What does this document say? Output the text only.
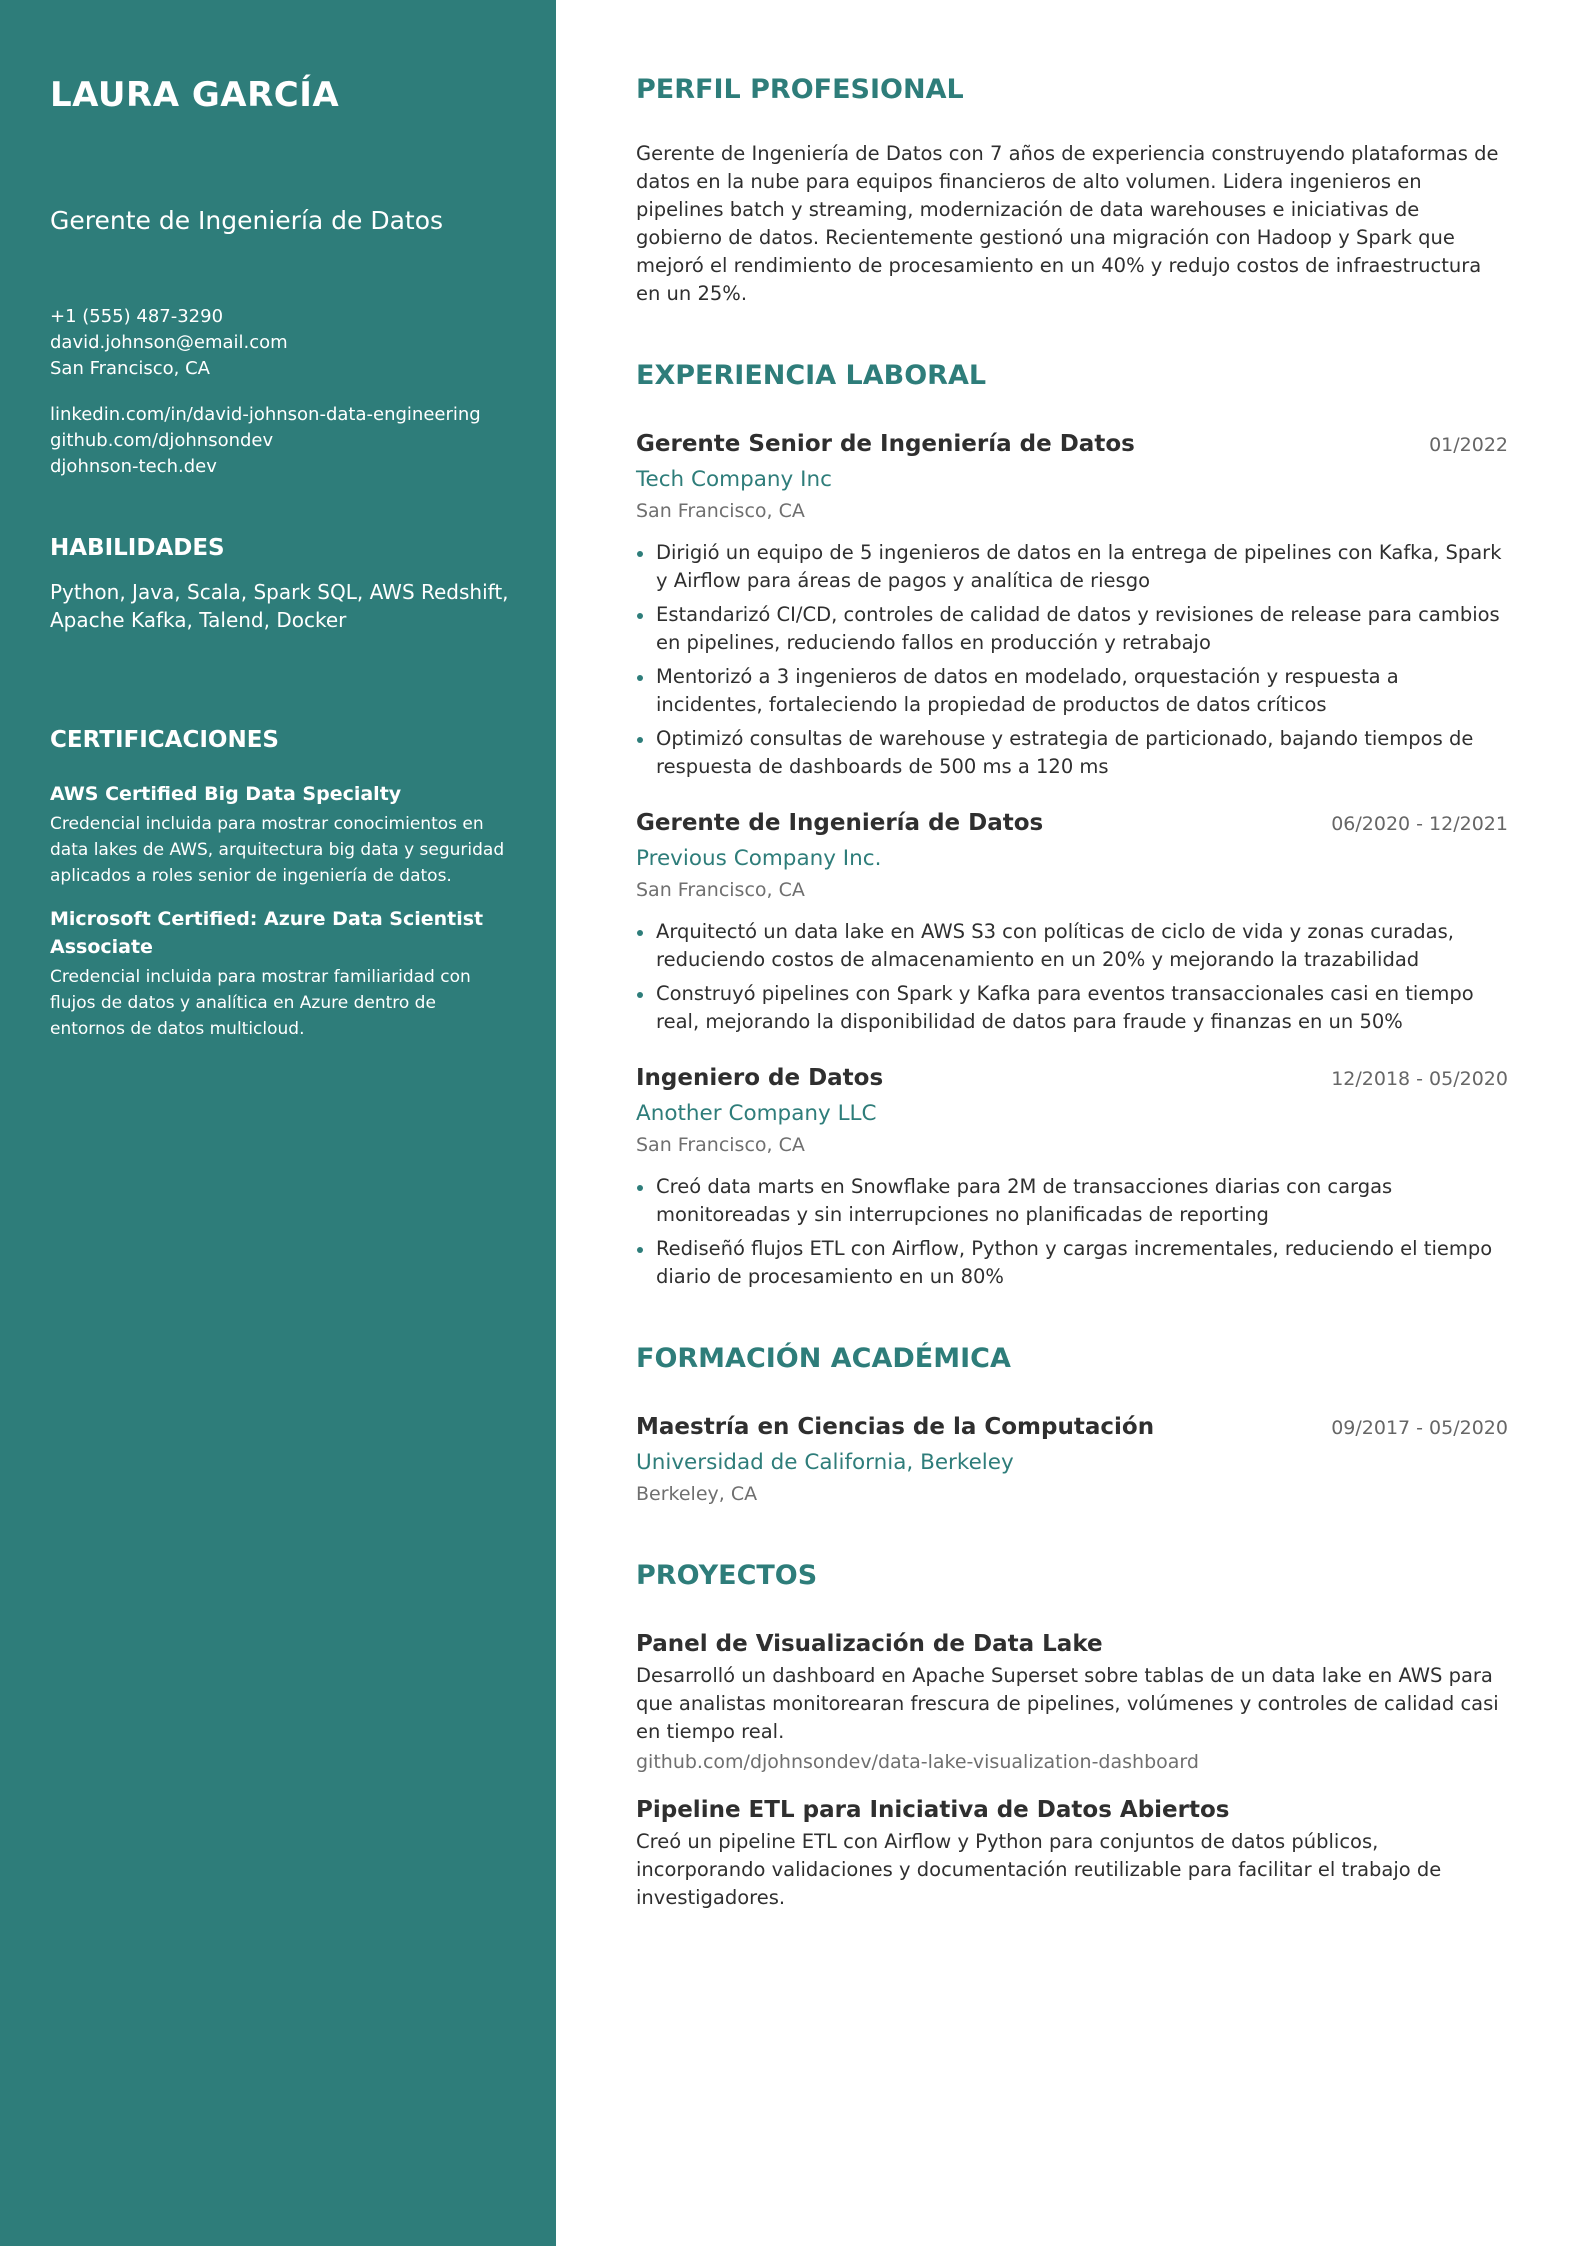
LAURA GARCÍA
Gerente de Ingeniería de Datos
+1 (555) 487-3290
david.johnson@email.com
San Francisco, CA
linkedin.com/in/david-johnson-data-engineering
github.com/djohnsondev
djohnson-tech.dev
HABILIDADES
Python, Java, Scala, Spark SQL, AWS Redshift, Apache Kafka, Talend, Docker
CERTIFICACIONES
AWS Certified Big Data Specialty
Credencial incluida para mostrar conocimientos en data lakes de AWS, arquitectura big data y seguridad aplicados a roles senior de ingeniería de datos.
Microsoft Certified: Azure Data Scientist Associate
Credencial incluida para mostrar familiaridad con flujos de datos y analítica en Azure dentro de entornos de datos multicloud.
PERFIL PROFESIONAL
Gerente de Ingeniería de Datos con 7 años de experiencia construyendo plataformas de datos en la nube para equipos financieros de alto volumen. Lidera ingenieros en pipelines batch y streaming, modernización de data warehouses e iniciativas de gobierno de datos. Recientemente gestionó una migración con Hadoop y Spark que mejoró el rendimiento de procesamiento en un 40% y redujo costos de infraestructura en un 25%.
EXPERIENCIA LABORAL
Gerente Senior de Ingeniería de Datos	01/2022
Tech Company Inc
San Francisco, CA
Dirigió un equipo de 5 ingenieros de datos en la entrega de pipelines con Kafka, Spark y Airflow para áreas de pagos y analítica de riesgo
Estandarizó CI/CD, controles de calidad de datos y revisiones de release para cambios en pipelines, reduciendo fallos en producción y retrabajo
Mentorizó a 3 ingenieros de datos en modelado, orquestación y respuesta a incidentes, fortaleciendo la propiedad de productos de datos críticos
Optimizó consultas de warehouse y estrategia de particionado, bajando tiempos de respuesta de dashboards de 500 ms a 120 ms
Gerente de Ingeniería de Datos	06/2020 - 12/2021
Previous Company Inc.
San Francisco, CA
Arquitectó un data lake en AWS S3 con políticas de ciclo de vida y zonas curadas, reduciendo costos de almacenamiento en un 20% y mejorando la trazabilidad
Construyó pipelines con Spark y Kafka para eventos transaccionales casi en tiempo real, mejorando la disponibilidad de datos para fraude y finanzas en un 50%
Ingeniero de Datos	12/2018 - 05/2020
Another Company LLC
San Francisco, CA
Creó data marts en Snowflake para 2M de transacciones diarias con cargas monitoreadas y sin interrupciones no planificadas de reporting
Rediseñó flujos ETL con Airflow, Python y cargas incrementales, reduciendo el tiempo diario de procesamiento en un 80%
FORMACIÓN ACADÉMICA
Maestría en Ciencias de la Computación	09/2017 - 05/2020
Universidad de California, Berkeley
Berkeley, CA
PROYECTOS
Panel de Visualización de Data Lake
Desarrolló un dashboard en Apache Superset sobre tablas de un data lake en AWS para que analistas monitorearan frescura de pipelines, volúmenes y controles de calidad casi en tiempo real.
github.com/djohnsondev/data-lake-visualization-dashboard
Pipeline ETL para Iniciativa de Datos Abiertos
Creó un pipeline ETL con Airflow y Python para conjuntos de datos públicos, incorporando validaciones y documentación reutilizable para facilitar el trabajo de investigadores.
